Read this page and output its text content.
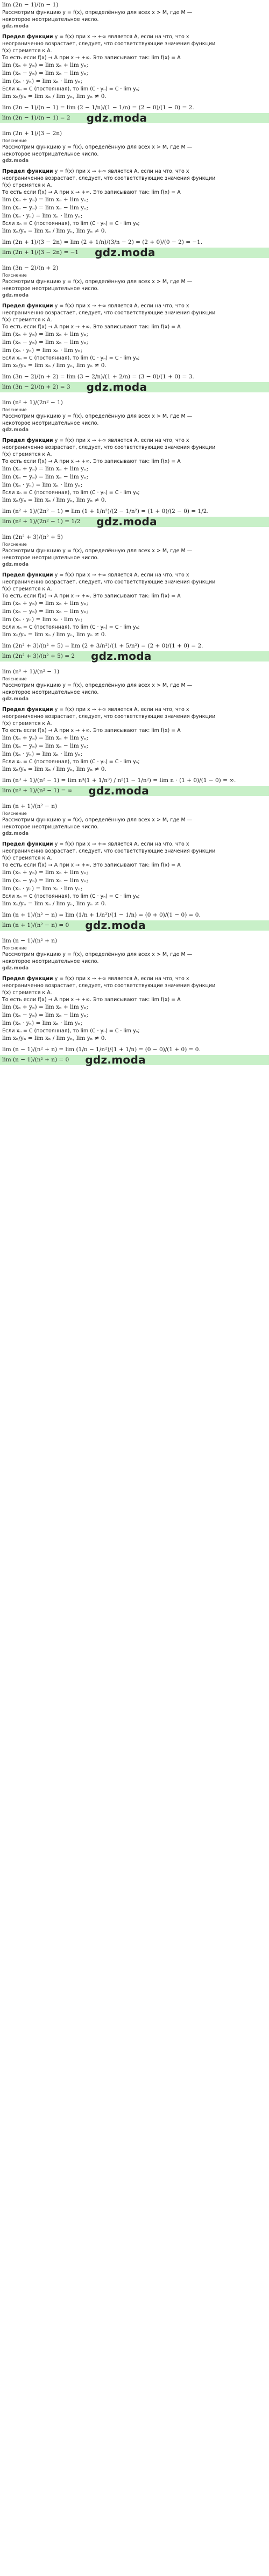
lim (2n − 1)/(n − 1)
Рассмотрим функцию y = f(x), определённую для всех x > M, где M —
некоторое неотрицательное число.
gdz.moda
Предел функции y = f(x) при x → +∞ является A, если на что, что x
неограниченно возрастает, следует, что соответствующие значения функции
f(x) стремятся к A.
То есть если f(x) → A при x → +∞. Это записывают так: lim f(x) = A
lim (xₙ + yₙ) = lim xₙ + lim yₙ;
lim (xₙ − yₙ) = lim xₙ − lim yₙ;
lim (xₙ · yₙ) = lim xₙ · lim yₙ;
Если xₙ = C (постоянная), то lim (C · yₙ) = C · lim yₙ;
lim xₙ/yₙ = lim xₙ / lim yₙ, lim yₙ ≠ 0.
lim (2n − 1)/(n − 1) = lim (2 − 1/n)/(1 − 1/n) = (2 − 0)/(1 − 0) = 2.
lim (2n − 1)/(n − 1) = 2 gdz.moda
lim (2n + 1)/(3 − 2n)
Пояснение
Рассмотрим функцию y = f(x), определённую для всех x > M, где M —
некоторое неотрицательное число.
gdz.moda
Предел функции y = f(x) при x → +∞ является A, если на что, что x
неограниченно возрастает, следует, что соответствующие значения функции
f(x) стремятся к A.
То есть если f(x) → A при x → +∞. Это записывают так: lim f(x) = A
lim (xₙ + yₙ) = lim xₙ + lim yₙ;
lim (xₙ − yₙ) = lim xₙ − lim yₙ;
lim (xₙ · yₙ) = lim xₙ · lim yₙ;
Если xₙ = C (постоянная), то lim (C · yₙ) = C · lim yₙ;
lim xₙ/yₙ = lim xₙ / lim yₙ, lim yₙ ≠ 0.
lim (2n + 1)/(3 − 2n) = lim (2 + 1/n)/(3/n − 2) = (2 + 0)/(0 − 2) = −1.
lim (2n + 1)/(3 − 2n) = −1 gdz.moda
lim (3n − 2)/(n + 2)
Пояснение
Рассмотрим функцию y = f(x), определённую для всех x > M, где M —
некоторое неотрицательное число.
gdz.moda
Предел функции y = f(x) при x → +∞ является A, если на что, что x
неограниченно возрастает, следует, что соответствующие значения функции
f(x) стремятся к A.
То есть если f(x) → A при x → +∞. Это записывают так: lim f(x) = A
lim (xₙ + yₙ) = lim xₙ + lim yₙ;
lim (xₙ − yₙ) = lim xₙ − lim yₙ;
lim (xₙ · yₙ) = lim xₙ · lim yₙ;
Если xₙ = C (постоянная), то lim (C · yₙ) = C · lim yₙ;
lim xₙ/yₙ = lim xₙ / lim yₙ, lim yₙ ≠ 0.
lim (3n − 2)/(n + 2) = lim (3 − 2/n)/(1 + 2/n) = (3 − 0)/(1 + 0) = 3.
lim (3n − 2)/(n + 2) = 3 gdz.moda
lim (n² + 1)/(2n² − 1)
Пояснение
Рассмотрим функцию y = f(x), определённую для всех x > M, где M —
некоторое неотрицательное число.
gdz.moda
Предел функции y = f(x) при x → +∞ является A, если на что, что x
неограниченно возрастает, следует, что соответствующие значения функции
f(x) стремятся к A.
То есть если f(x) → A при x → +∞. Это записывают так: lim f(x) = A
lim (xₙ + yₙ) = lim xₙ + lim yₙ;
lim (xₙ − yₙ) = lim xₙ − lim yₙ;
lim (xₙ · yₙ) = lim xₙ · lim yₙ;
Если xₙ = C (постоянная), то lim (C · yₙ) = C · lim yₙ;
lim xₙ/yₙ = lim xₙ / lim yₙ, lim yₙ ≠ 0.
lim (n² + 1)/(2n² − 1) = lim (1 + 1/n²)/(2 − 1/n²) = (1 + 0)/(2 − 0) = 1/2.
lim (n² + 1)/(2n² − 1) = 1/2 gdz.moda
lim (2n² + 3)/(n² + 5)
Пояснение
Рассмотрим функцию y = f(x), определённую для всех x > M, где M —
некоторое неотрицательное число.
gdz.moda
Предел функции y = f(x) при x → +∞ является A, если на что, что x
неограниченно возрастает, следует, что соответствующие значения функции
f(x) стремятся к A.
То есть если f(x) → A при x → +∞. Это записывают так: lim f(x) = A
lim (xₙ + yₙ) = lim xₙ + lim yₙ;
lim (xₙ − yₙ) = lim xₙ − lim yₙ;
lim (xₙ · yₙ) = lim xₙ · lim yₙ;
Если xₙ = C (постоянная), то lim (C · yₙ) = C · lim yₙ;
lim xₙ/yₙ = lim xₙ / lim yₙ, lim yₙ ≠ 0.
lim (2n² + 3)/(n² + 5) = lim (2 + 3/n²)/(1 + 5/n²) = (2 + 0)/(1 + 0) = 2.
lim (2n² + 3)/(n² + 5) = 2 gdz.moda
lim (n³ + 1)/(n² − 1)
Пояснение
Рассмотрим функцию y = f(x), определённую для всех x > M, где M —
некоторое неотрицательное число.
gdz.moda
Предел функции y = f(x) при x → +∞ является A, если на что, что x
неограниченно возрастает, следует, что соответствующие значения функции
f(x) стремятся к A.
То есть если f(x) → A при x → +∞. Это записывают так: lim f(x) = A
lim (xₙ + yₙ) = lim xₙ + lim yₙ;
lim (xₙ − yₙ) = lim xₙ − lim yₙ;
lim (xₙ · yₙ) = lim xₙ · lim yₙ;
Если xₙ = C (постоянная), то lim (C · yₙ) = C · lim yₙ;
lim xₙ/yₙ = lim xₙ / lim yₙ, lim yₙ ≠ 0.
lim (n³ + 1)/(n² − 1) = lim n³(1 + 1/n³) / n²(1 − 1/n²) = lim n · (1 + 0)/(1 − 0) = ∞.
lim (n³ + 1)/(n² − 1) = ∞ gdz.moda
lim (n + 1)/(n² − n)
Пояснение
Рассмотрим функцию y = f(x), определённую для всех x > M, где M —
некоторое неотрицательное число.
gdz.moda
Предел функции y = f(x) при x → +∞ является A, если на что, что x
неограниченно возрастает, следует, что соответствующие значения функции
f(x) стремятся к A.
То есть если f(x) → A при x → +∞. Это записывают так: lim f(x) = A
lim (xₙ + yₙ) = lim xₙ + lim yₙ;
lim (xₙ − yₙ) = lim xₙ − lim yₙ;
lim (xₙ · yₙ) = lim xₙ · lim yₙ;
Если xₙ = C (постоянная), то lim (C · yₙ) = C · lim yₙ;
lim xₙ/yₙ = lim xₙ / lim yₙ, lim yₙ ≠ 0.
lim (n + 1)/(n² − n) = lim (1/n + 1/n²)/(1 − 1/n) = (0 + 0)/(1 − 0) = 0.
lim (n + 1)/(n² − n) = 0 gdz.moda
lim (n − 1)/(n² + n)
Пояснение
Рассмотрим функцию y = f(x), определённую для всех x > M, где M —
некоторое неотрицательное число.
gdz.moda
Предел функции y = f(x) при x → +∞ является A, если на что, что x
неограниченно возрастает, следует, что соответствующие значения функции
f(x) стремятся к A.
То есть если f(x) → A при x → +∞. Это записывают так: lim f(x) = A
lim (xₙ + yₙ) = lim xₙ + lim yₙ;
lim (xₙ − yₙ) = lim xₙ − lim yₙ;
lim (xₙ · yₙ) = lim xₙ · lim yₙ;
Если xₙ = C (постоянная), то lim (C · yₙ) = C · lim yₙ;
lim xₙ/yₙ = lim xₙ / lim yₙ, lim yₙ ≠ 0.
lim (n − 1)/(n² + n) = lim (1/n − 1/n²)/(1 + 1/n) = (0 − 0)/(1 + 0) = 0.
lim (n − 1)/(n² + n) = 0 gdz.moda
